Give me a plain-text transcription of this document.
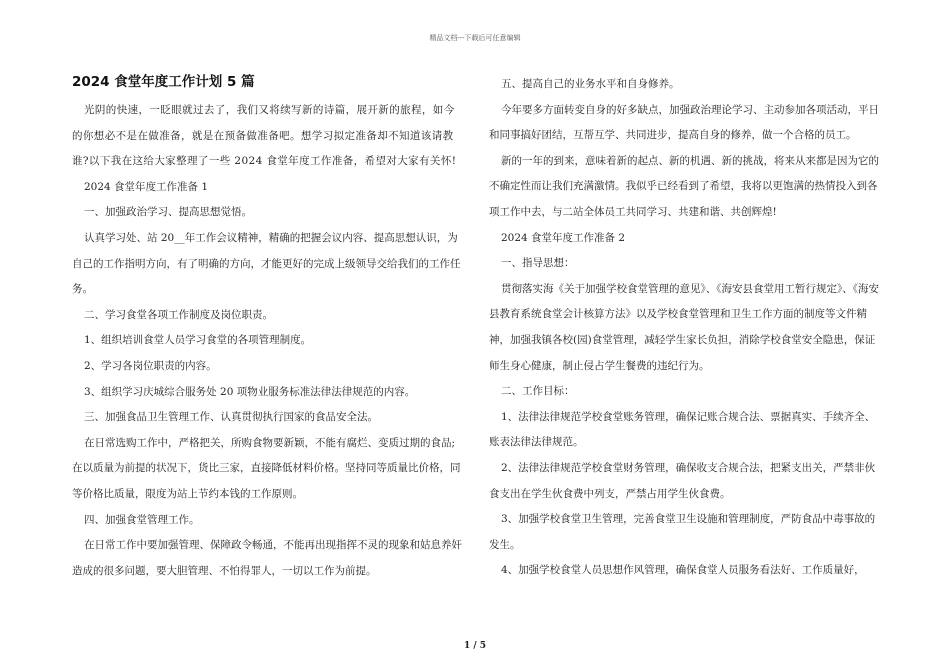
精品文档---下载后可任意编辑
2024 食堂年度工作计划 5 篇

光阴的快速，一眨眼就过去了，我们又将续写新的诗篇，展开新的旅程，如今的你想必不是在做准备，就是在预备做准备吧。想学习拟定准备却不知道该请教谁?以下我在这给大家整理了一些 2024 食堂年度工作准备，希望对大家有关怀!

2024 食堂年度工作准备 1

一、加强政治学习、提高思想觉悟。

认真学习处、站 20__年工作会议精神，精确的把握会议内容、提高思想认识，为自己的工作指明方向，有了明确的方向，才能更好的完成上级领导交给我们的工作任务。

二、学习食堂各项工作制度及岗位职责。

1、组织培训食堂人员学习食堂的各项管理制度。

2、学习各岗位职责的内容。

3、组织学习庆城综合服务处 20 项物业服务标准法律法律规范的内容。

三、加强食品卫生管理工作、认真贯彻执行国家的食品安全法。

在日常选购工作中，严格把关，所购食物要新颖，不能有腐烂、变质过期的食品;在以质量为前提的状况下，货比三家，直接降低材料价格。坚持同等质量比价格，同等价格比质量，限度为站上节约本钱的工作原则。

四、加强食堂管理工作。

在日常工作中要加强管理、保障政令畅通，不能再出现指挥不灵的现象和姑息养奸造成的很多问题，要大胆管理、不怕得罪人，一切以工作为前提。

五、提高自己的业务水平和自身修养。

今年要多方面转变自身的好多缺点，加强政治理论学习、主动参加各项活动，平日和同事搞好团结，互帮互学、共同进步，提高自身的修养，做一个合格的员工。

新的一年的到来，意味着新的起点、新的机遇、新的挑战，将来从来都是因为它的不确定性而让我们充满激情。我似乎已经看到了希望，我将以更饱满的热情投入到各项工作中去，与二站全体员工共同学习、共建和谐、共创辉煌!

2024 食堂年度工作准备 2

一、指导思想：

贯彻落实海《关于加强学校食堂管理的意见》、《海安县食堂用工暂行规定》、《海安县教育系统食堂会计核算方法》以及学校食堂管理和卫生工作方面的制度等文件精神，加强我镇各校(园)食堂管理，减轻学生家长负担，消除学校食堂安全隐患，保证师生身心健康，制止侵占学生餐费的违纪行为。

二、工作目标：

1、法律法律规范学校食堂账务管理，确保记账合规合法、票据真实、手续齐全、账表法律法律规范。

2、法律法律规范学校食堂财务管理，确保收支合规合法，把紧支出关，严禁非伙食支出在学生伙食费中列支，严禁占用学生伙食费。

3、加强学校食堂卫生管理，完善食堂卫生设施和管理制度，严防食品中毒事故的发生。

4、加强学校食堂人员思想作风管理，确保食堂人员服务看法好、工作质量好，

1 / 5
